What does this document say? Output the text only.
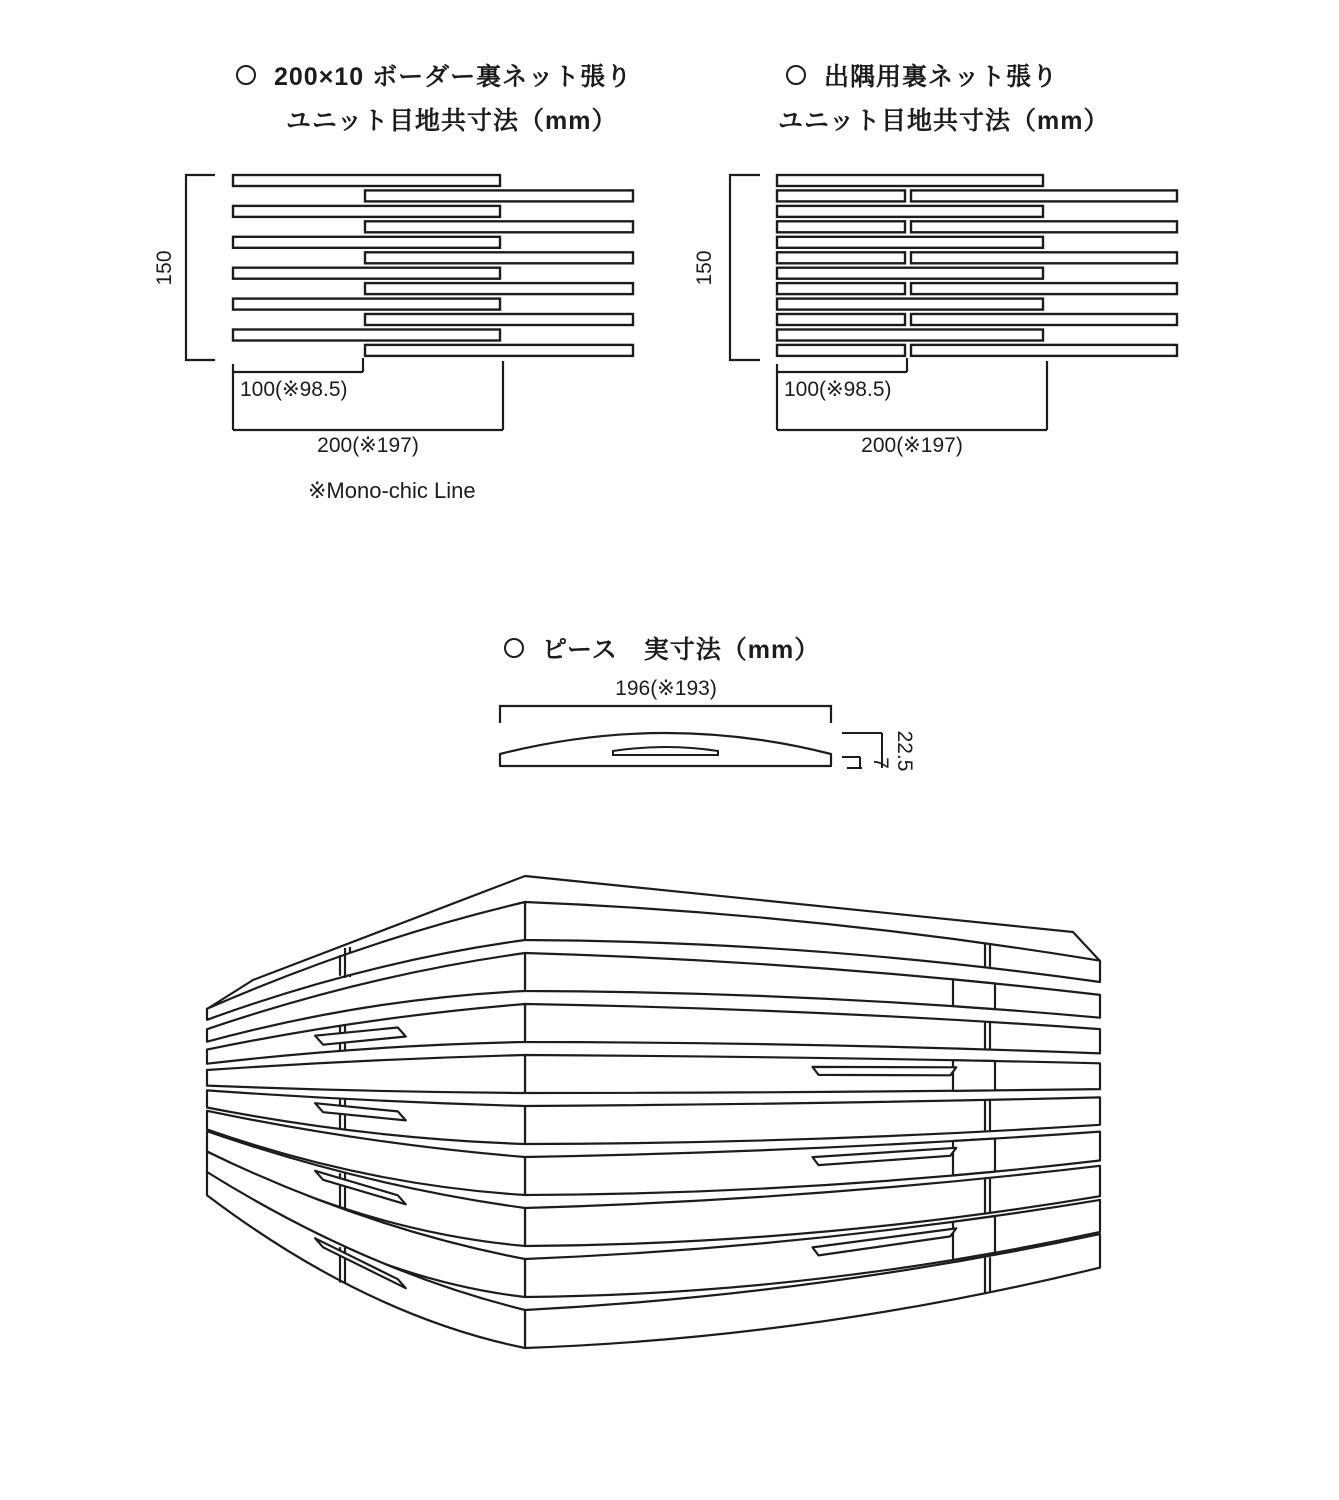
200×10 ボーダー裏ネット張り
ユニット目地共寸法（mm）
出隅用裏ネット張り
ユニット目地共寸法（mm）
ピース　実寸法（mm）
150
100(※98.5)
200(※197)
※Mono-chic Line
150
100(※98.5)
200(※197)
196(※193)
22.5
7
